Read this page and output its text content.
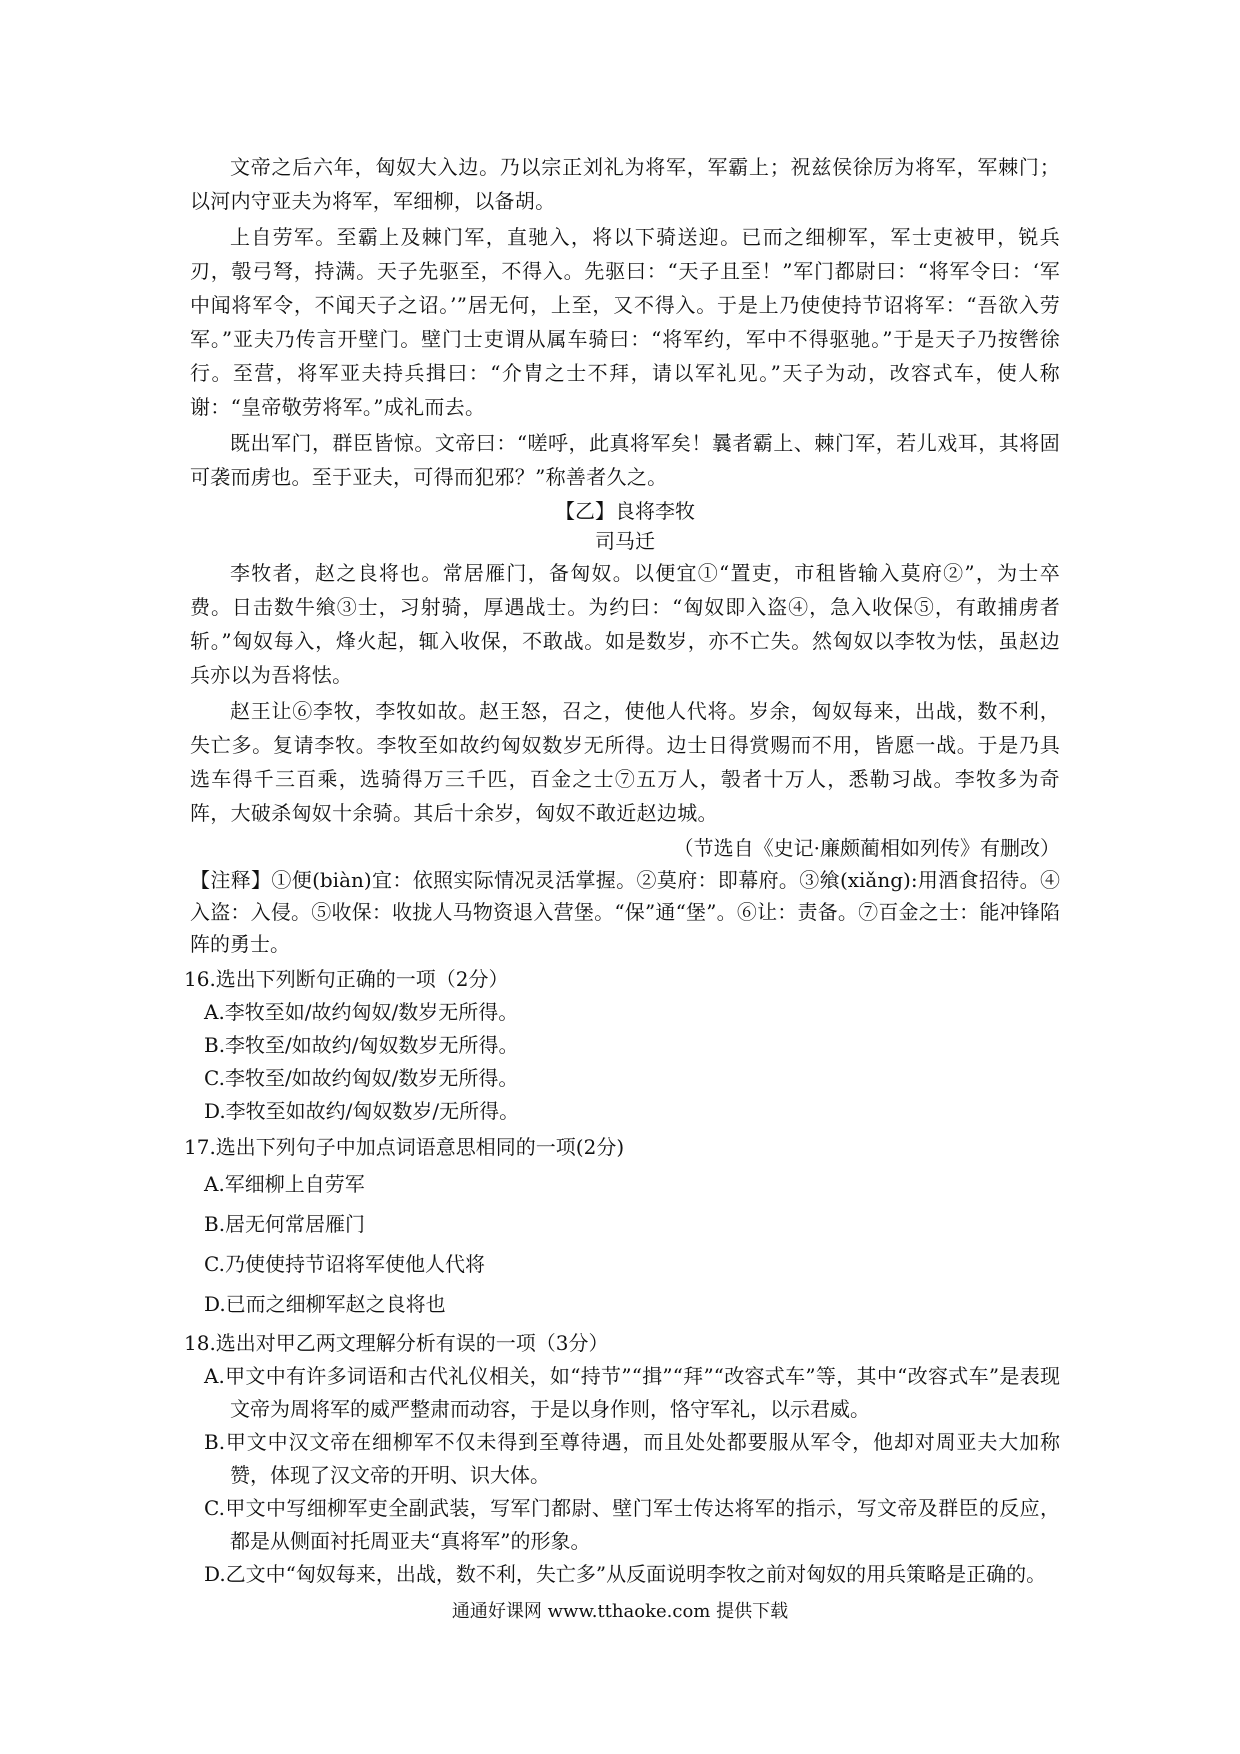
文帝之后六年，匈奴大入边。乃以宗正刘礼为将军，军霸上；祝兹侯徐厉为将军，军棘门；以河内守亚夫为将军，军细柳，以备胡。

上自劳军。至霸上及棘门军，直驰入，将以下骑送迎。已而之细柳军，军士吏被甲，锐兵刃，彀弓弩，持满。天子先驱至，不得入。先驱曰：“天子且至！”军门都尉曰：“将军令曰：‘军中闻将军令，不闻天子之诏。’”居无何，上至，又不得入。于是上乃使使持节诏将军：“吾欲入劳军。”亚夫乃传言开壁门。壁门士吏谓从属车骑曰：“将军约，军中不得驱驰。”于是天子乃按辔徐行。至营，将军亚夫持兵揖曰：“介胄之士不拜，请以军礼见。”天子为动，改容式车，使人称谢：“皇帝敬劳将军。”成礼而去。

既出军门，群臣皆惊。文帝曰：“嗟呼，此真将军矣！曩者霸上、棘门军，若儿戏耳，其将固可袭而虏也。至于亚夫，可得而犯邪？”称善者久之。

【乙】良将李牧

司马迁

李牧者，赵之良将也。常居雁门，备匈奴。以便宜①“置吏，市租皆输入莫府②”，为士卒费。日击数牛飨③士，习射骑，厚遇战士。为约曰：“匈奴即入盗④，急入收保⑤，有敢捕虏者斩。”匈奴每入，烽火起，辄入收保，不敢战。如是数岁，亦不亡失。然匈奴以李牧为怯，虽赵边兵亦以为吾将怯。

赵王让⑥李牧，李牧如故。赵王怒，召之，使他人代将。岁余，匈奴每来，出战，数不利，失亡多。复请李牧。李牧至如故约匈奴数岁无所得。边士日得赏赐而不用，皆愿一战。于是乃具选车得千三百乘，选骑得万三千匹，百金之士⑦五万人，彀者十万人，悉勒习战。李牧多为奇阵，大破杀匈奴十余骑。其后十余岁，匈奴不敢近赵边城。

（节选自《史记·廉颇蔺相如列传》有删改）

【注释】①便(biàn)宜：依照实际情况灵活掌握。②莫府：即幕府。③飨(xiǎng):用酒食招待。④入盗：入侵。⑤收保：收拢人马物资退入营堡。“保”通“堡”。⑥让：责备。⑦百金之士：能冲锋陷阵的勇士。

16.选出下列断句正确的一项（2分）

A.李牧至如/故约匈奴/数岁无所得。

B.李牧至/如故约/匈奴数岁无所得。

C.李牧至/如故约匈奴/数岁无所得。

D.李牧至如故约/匈奴数岁/无所得。

17.选出下列句子中加点词语意思相同的一项(2分)

A.军细柳上自劳军

B.居无何常居雁门

C.乃使使持节诏将军使他人代将

D.已而之细柳军赵之良将也

18.选出对甲乙两文理解分析有误的一项（3分）

A.甲文中有许多词语和古代礼仪相关，如“持节”“揖”“拜”“改容式车”等，其中“改容式车”是表现文帝为周将军的威严整肃而动容，于是以身作则，恪守军礼，以示君威。

B.甲文中汉文帝在细柳军不仅未得到至尊待遇，而且处处都要服从军令，他却对周亚夫大加称赞，体现了汉文帝的开明、识大体。

C.甲文中写细柳军吏全副武装，写军门都尉、壁门军士传达将军的指示，写文帝及群臣的反应，都是从侧面衬托周亚夫“真将军”的形象。

D.乙文中“匈奴每来，出战，数不利，失亡多”从反面说明李牧之前对匈奴的用兵策略是正确的。

通通好课网 www.tthaoke.com 提供下载
